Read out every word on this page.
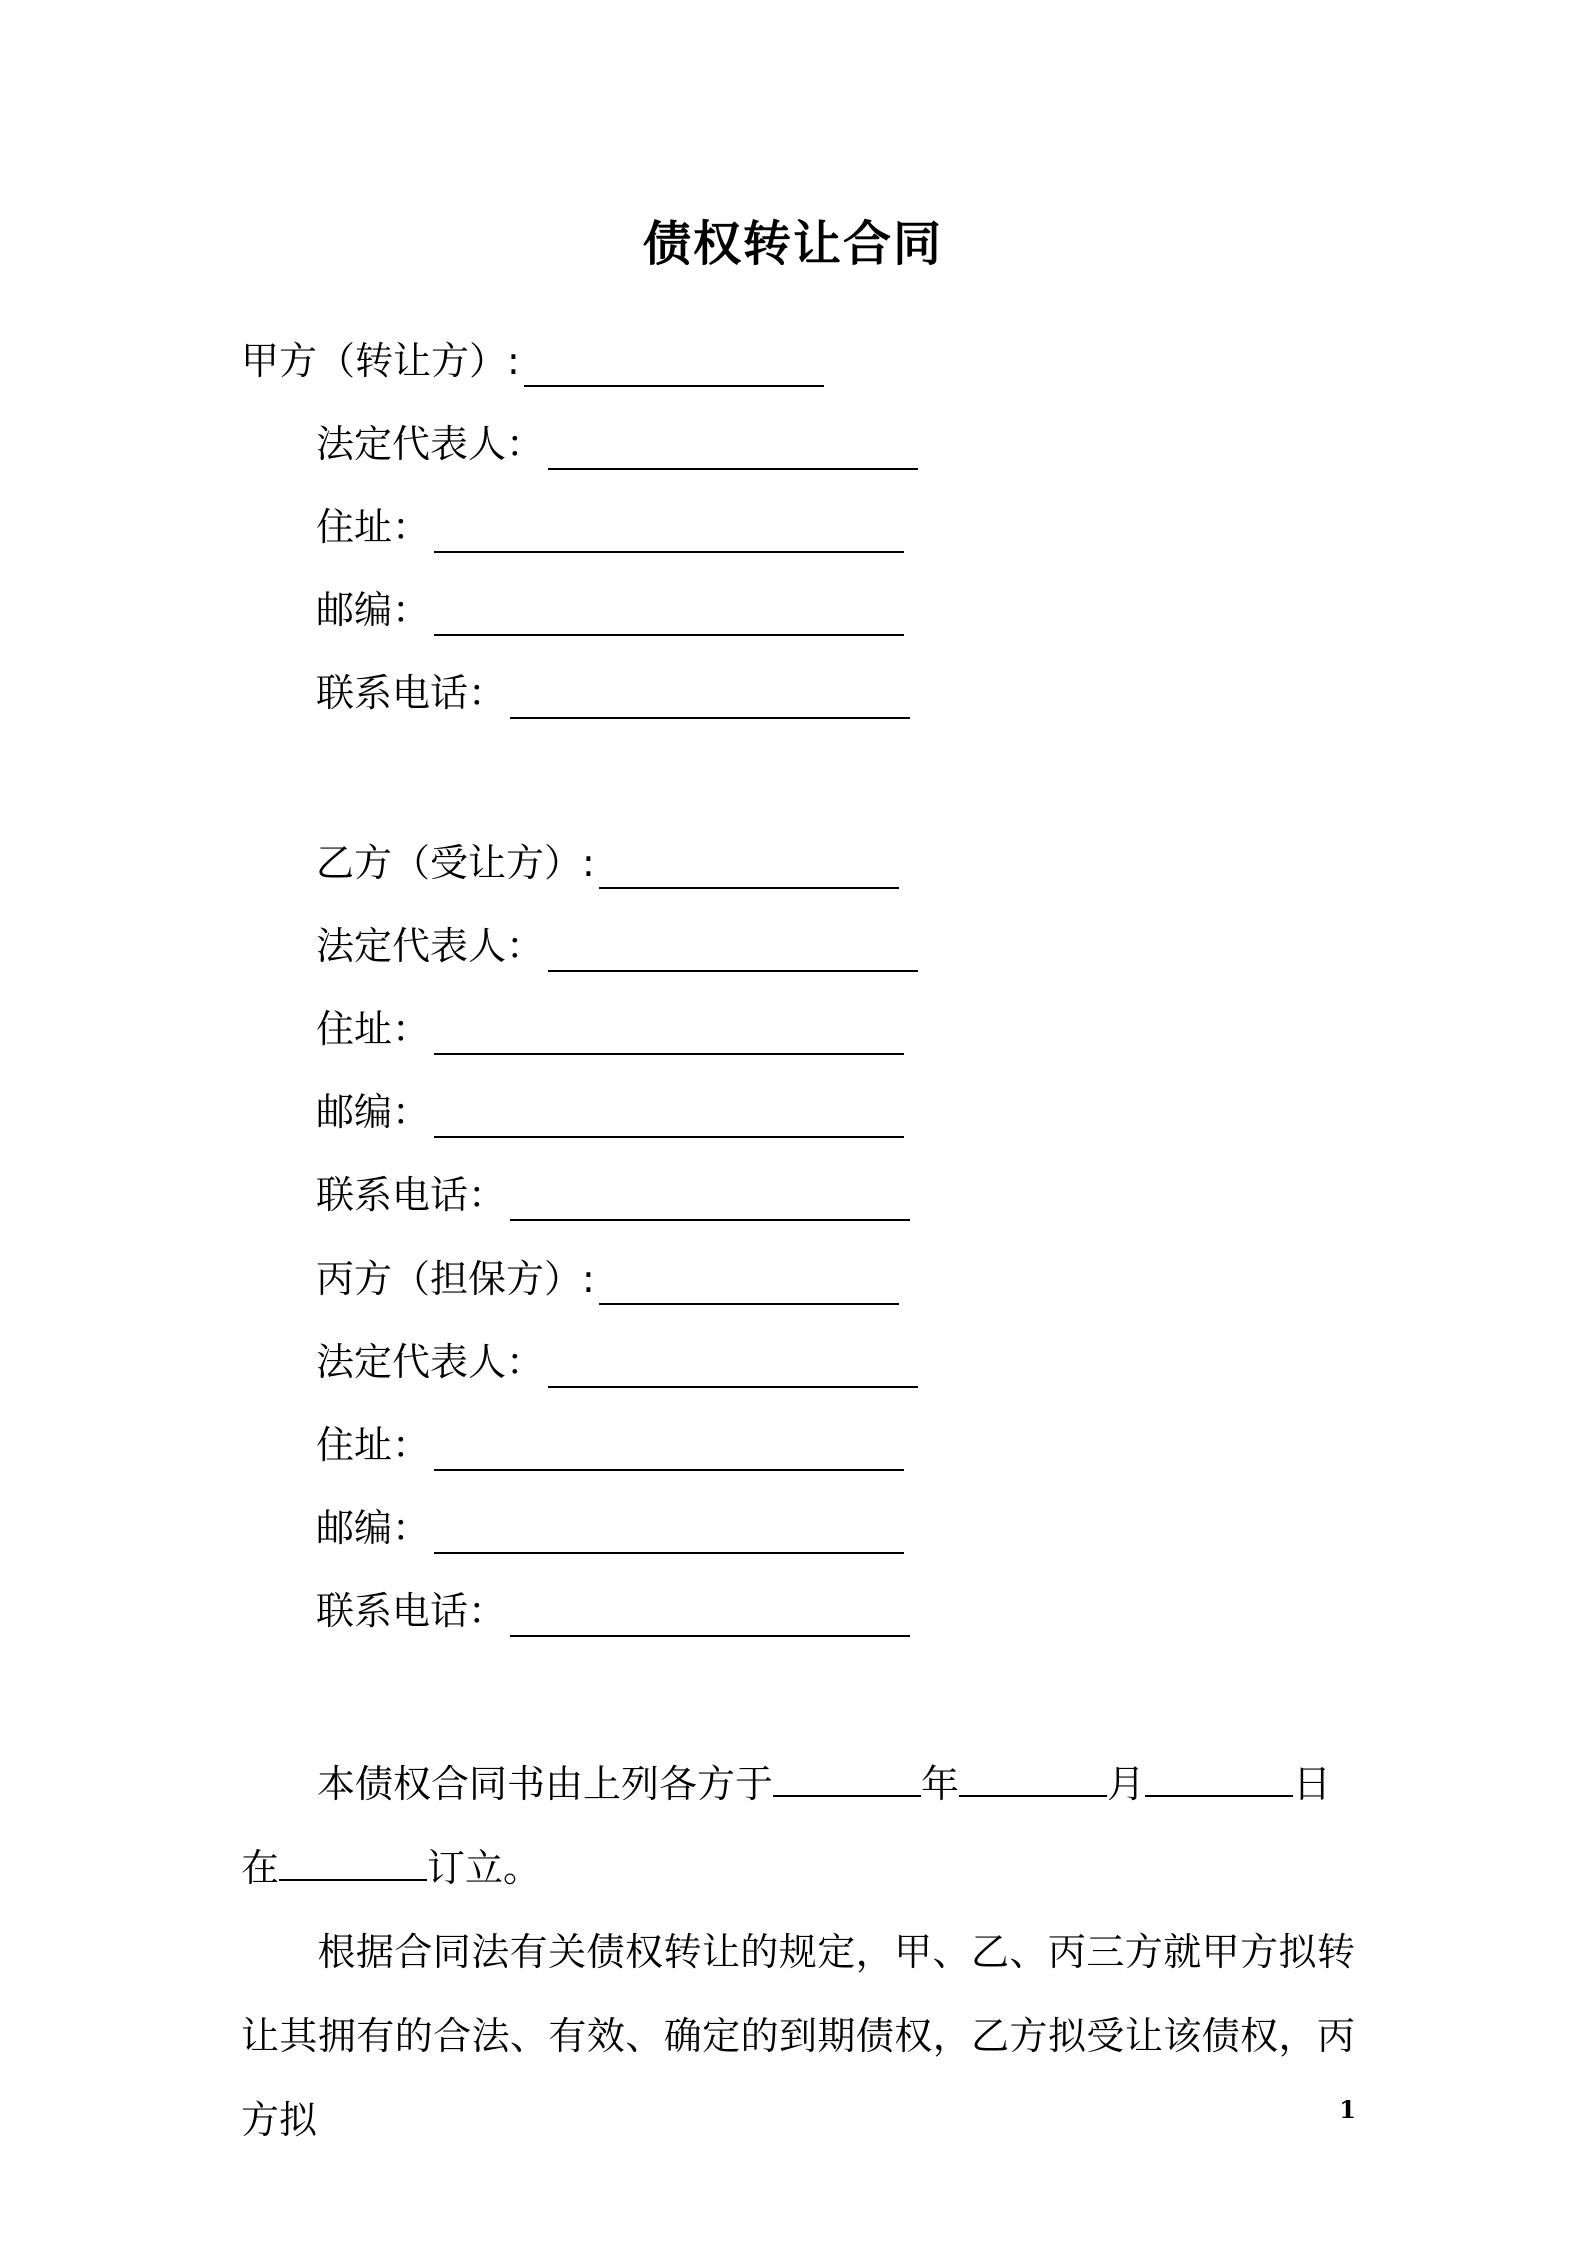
债权转让合同
甲方（转让方）:
法定代表人：
住址：
邮编：
联系电话：
乙方（受让方）:
法定代表人：
住址：
邮编：
联系电话：
丙方（担保方）:
法定代表人：
住址：
邮编：
联系电话：

本债权合同书由上列各方于	年	月	日
在	订立。

根据合同法有关债权转让的规定，甲、乙、丙三方就甲方拟转让其拥有的合法、有效、确定的到期债权，乙方拟受让该债权，丙方拟	1
